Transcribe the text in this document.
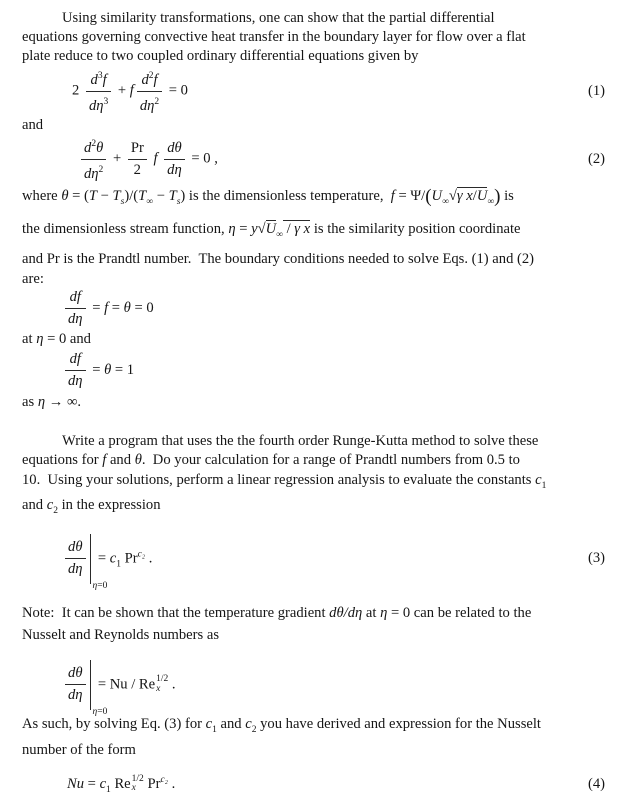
Using similarity transformations, one can show that the partial differential
equations governing convective heat transfer in the boundary layer for flow over a flat
plate reduce to two coupled ordinary differential equations given by
$2 \frac{d^3f}{d\eta^3} + f \frac{d^2f}{d\eta^2} = 0$	(1)
and
$\frac{d^2\theta}{d\eta^2} + \frac{Pr}{2}$ f $\frac{d\theta}{d\eta} = 0$ ,	(2)
where $\theta = (T - T_s)/(T_\infty - T_s)$ is the dimensionless temperature,  $f = \Psi/(U_\infty√\gamma$ $x/U_\infty$) is
the dimensionless stream function, $\eta = y√U_\infty / \gamma$ x is the similarity position coordinate
and Pr is the Prandtl number.  The boundary conditions needed to solve Eqs. (1) and (2)
are:
$\frac{df}{d\eta} = f = \theta = 0$
at η = 0 and
$\frac{df}{d\eta} = \theta = 1$
as η → ∞.
Write a program that uses the the fourth order Runge-Kutta method to solve these
equations for f and θ.  Do your calculation for a range of Prandtl numbers from 0.5 to
10.  Using your solutions, perform a linear regression analysis to evaluate the constants $c_1$
and $c_2$ in the expression
$\frac{d\theta}{d\eta}$
η=0
= $c_1$ $Pr^{c_2}$ .	(3)
Note:  It can be shown that the temperature gradient dθ/dη at η = 0 can be related to the
Nusselt and Reynolds numbers as
$\frac{d\theta}{d\eta}$
η=0
= Nu / Re 1/2
x .
As such, by solving Eq. (3) for $c_1$ and $c_2$ you have derived and expression for the Nusselt
number of the form
$Nu = c_1$ Re 1/2
x $Pr^{c_2}$ .	(4)
